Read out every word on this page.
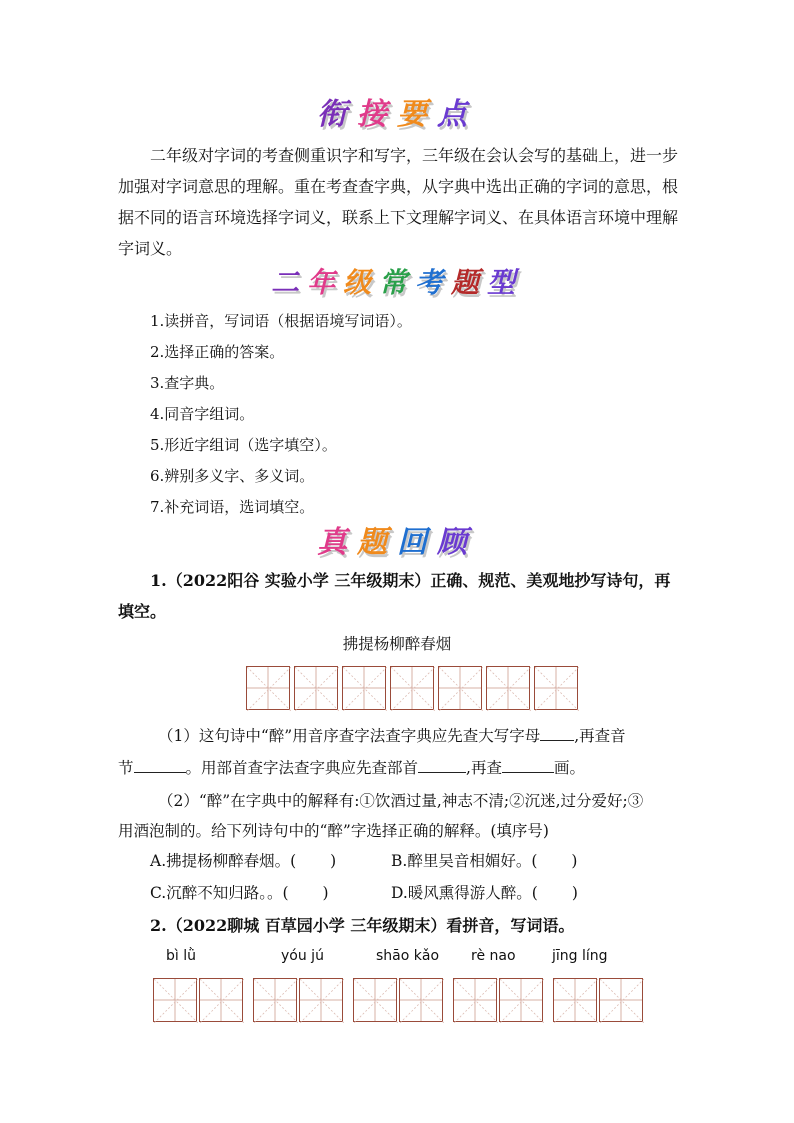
衔接要点

二年级对字词的考查侧重识字和写字，三年级在会认会写的基础上，进一步加强对字词意思的理解。重在考查查字典，从字典中选出正确的字词的意思，根据不同的语言环境选择字词义，联系上下文理解字词义、在具体语言环境中理解字词义。

二年级常考题型
1.读拼音，写词语（根据语境写词语）。
2.选择正确的答案。
3.查字典。
4.同音字组词。
5.形近字组词（选字填空）。
6.辨别多义字、多义词。
7.补充词语，选词填空。
真题回顾

1.（2022阳谷 实验小学 三年级期末）正确、规范、美观地抄写诗句，再填空。

拂提杨柳醉春烟
（1）这句诗中“醉”用音序查字法查字典应先查大写字母 ,再查音
节	。用部首查字法查字典应先查部首	,再查	画。
（2）“醉”在字典中的解释有:①饮酒过量,神志不清;②沉迷,过分爱好;③
用酒泡制的。给下列诗句中的“醉”字选择正确的解释。(填序号)
A.拂提杨柳醉春烟。( )	B.醉里吴音相媚好。( )
C.沉醉不知归路。。( )	D.暖风熏得游人醉。( )

2.（2022聊城 百草园小学 三年级期末）看拼音，写词语。

bì lǜ	yóu jú	shāo kǎo rè nao	jīng líng
